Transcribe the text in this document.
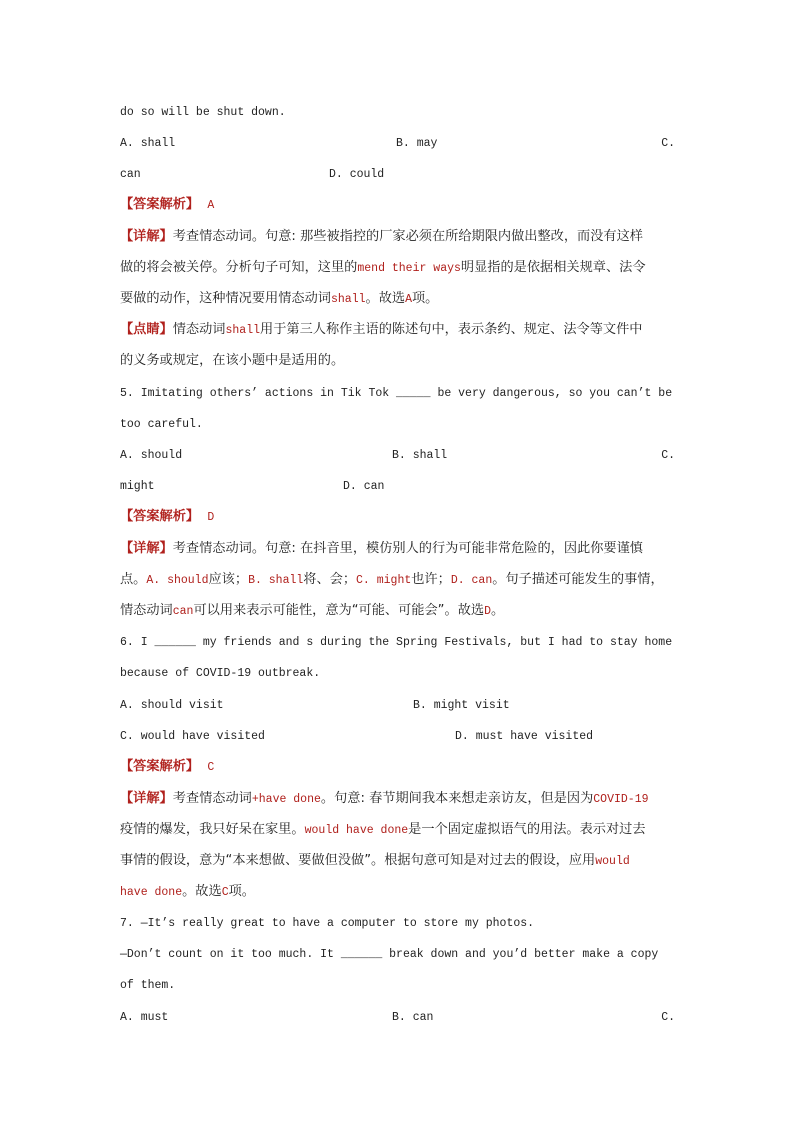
do so will be shut down.
A. shall	B. may	C.
can	D. could
【答案解析】 A
【详解】考查情态动词。句意: 那些被指控的厂家必须在所给期限内做出整改，而没有这样
做的将会被关停。分析句子可知，这里的mend their ways明显指的是依据相关规章、法令
要做的动作，这种情况要用情态动词shall。故选A项。
【点睛】情态动词shall用于第三人称作主语的陈述句中，表示条约、规定、法令等文件中
的义务或规定，在该小题中是适用的。
5. Imitating others’ actions in Tik Tok _____ be very dangerous, so you can’t be
too careful.
A. should	B. shall	C.
might	D. can
【答案解析】 D
【详解】考查情态动词。句意: 在抖音里，模仿别人的行为可能非常危险的，因此你要谨慎
点。A. should应该；B. shall将、会；C. might也许；D. can。句子描述可能发生的事情，
情态动词can可以用来表示可能性，意为“可能、可能会”。故选D。
6. I ______ my friends and s during the Spring Festivals, but I had to stay home
because of COVID-19 outbreak.
A. should visit	B. might visit
C. would have visited	D. must have visited
【答案解析】 C
【详解】考查情态动词+have done。句意: 春节期间我本来想走亲访友，但是因为COVID-19
疫情的爆发，我只好呆在家里。would have done是一个固定虚拟语气的用法。表示对过去
事情的假设，意为“本来想做、要做但没做”。根据句意可知是对过去的假设，应用would
have done。故选C项。
7. —It’s really great to have a computer to store my photos.
—Don’t count on it too much. It ______ break down and you’d better make a copy
of them.
A. must	B. can	C.
